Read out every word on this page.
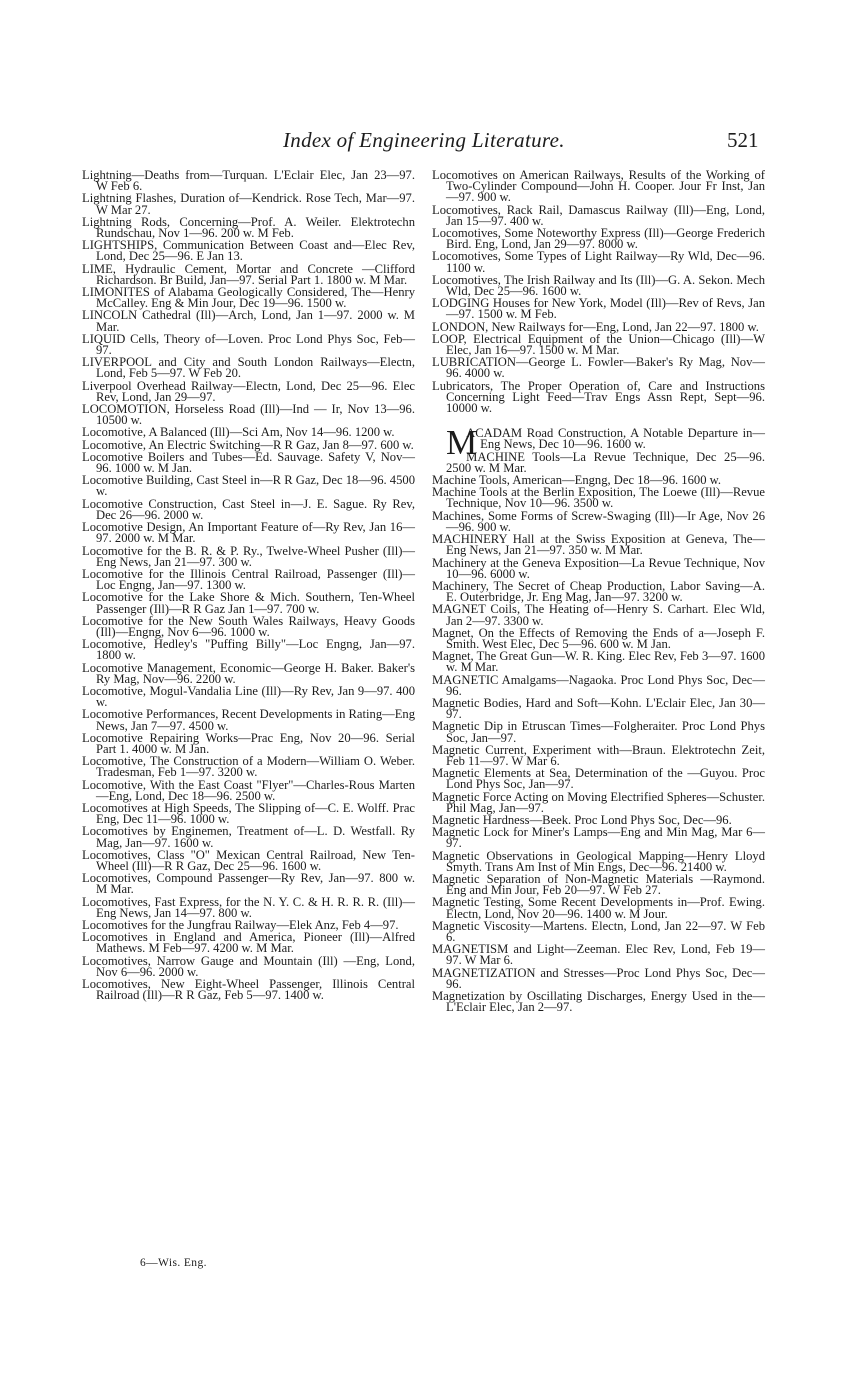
Index of Engineering Literature.	521
Lightning—Deaths from—Turquan. L'Eclair Elec, Jan 23—97. W Feb 6.
Lightning Flashes, Duration of—Kendrick. Rose Tech, Mar—97. W Mar 27.
Lightning Rods, Concerning—Prof. A. Weiler. Elektrotechn Rundschau, Nov 1—96. 200 w. M Feb.
LIGHTSHIPS, Communication Between Coast and—Elec Rev, Lond, Dec 25—96. E Jan 13.
LIME, Hydraulic Cement, Mortar and Concrete —Clifford Richardson. Br Build, Jan—97. Serial Part 1. 1800 w. M Mar.
LIMONITES of Alabama Geologically Considered, The—Henry McCalley. Eng & Min Jour, Dec 19—96. 1500 w.
LINCOLN Cathedral (Ill)—Arch, Lond, Jan 1—97. 2000 w. M Mar.
LIQUID Cells, Theory of—Loven. Proc Lond Phys Soc, Feb—97.
LIVERPOOL and City and South London Railways—Electn, Lond, Feb 5—97. W Feb 20.
Liverpool Overhead Railway—Electn, Lond, Dec 25—96. Elec Rev, Lond, Jan 29—97.
LOCOMOTION, Horseless Road (Ill)—Ind — Ir, Nov 13—96. 10500 w.
Locomotive, A Balanced (Ill)—Sci Am, Nov 14—96. 1200 w.
Locomotive, An Electric Switching—R R Gaz, Jan 8—97. 600 w.
Locomotive Boilers and Tubes—Ed. Sauvage. Safety V, Nov—96. 1000 w. M Jan.
Locomotive Building, Cast Steel in—R R Gaz, Dec 18—96. 4500 w.
Locomotive Construction, Cast Steel in—J. E. Sague. Ry Rev, Dec 26—96. 2000 w.
Locomotive Design, An Important Feature of—Ry Rev, Jan 16—97. 2000 w. M Mar.
Locomotive for the B. R. & P. Ry., Twelve-Wheel Pusher (Ill)—Eng News, Jan 21—97. 300 w.
Locomotive for the Illinois Central Railroad, Passenger (Ill)—Loc Engng, Jan—97. 1300 w.
Locomotive for the Lake Shore & Mich. Southern, Ten-Wheel Passenger (Ill)—R R Gaz Jan 1—97. 700 w.
Locomotive for the New South Wales Railways, Heavy Goods (Ill)—Engng, Nov 6—96. 1000 w.
Locomotive, Hedley's "Puffing Billy"—Loc Engng, Jan—97. 1800 w.
Locomotive Management, Economic—George H. Baker. Baker's Ry Mag, Nov—96. 2200 w.
Locomotive, Mogul-Vandalia Line (Ill)—Ry Rev, Jan 9—97. 400 w.
Locomotive Performances, Recent Developments in Rating—Eng News, Jan 7—97. 4500 w.
Locomotive Repairing Works—Prac Eng, Nov 20—96. Serial Part 1. 4000 w. M Jan.
Locomotive, The Construction of a Modern—William O. Weber. Tradesman, Feb 1—97. 3200 w.
Locomotive, With the East Coast "Flyer"—Charles-Rous Marten—Eng, Lond, Dec 18—96. 2500 w.
Locomotives at High Speeds, The Slipping of—C. E. Wolff. Prac Eng, Dec 11—96. 1000 w.
Locomotives by Enginemen, Treatment of—L. D. Westfall. Ry Mag, Jan—97. 1600 w.
Locomotives, Class "O" Mexican Central Railroad, New Ten-Wheel (Ill)—R R Gaz, Dec 25—96. 1600 w.
Locomotives, Compound Passenger—Ry Rev, Jan—97. 800 w. M Mar.
Locomotives, Fast Express, for the N. Y. C. & H. R. R. R. (Ill)—Eng News, Jan 14—97. 800 w.
Locomotives for the Jungfrau Railway—Elek Anz, Feb 4—97.
Locomotives in England and America, Pioneer (Ill)—Alfred Mathews. M Feb—97. 4200 w. M Mar.
Locomotives, Narrow Gauge and Mountain (Ill) —Eng, Lond, Nov 6—96. 2000 w.
Locomotives, New Eight-Wheel Passenger, Illinois Central Railroad (Ill)—R R Gaz, Feb 5—97. 1400 w.
Locomotives on American Railways, Results of the Working of Two-Cylinder Compound—John H. Cooper. Jour Fr Inst, Jan—97. 900 w.
Locomotives, Rack Rail, Damascus Railway (Ill)—Eng, Lond, Jan 15—97. 400 w.
Locomotives, Some Noteworthy Express (Ill)—George Frederich Bird. Eng, Lond, Jan 29—97. 8000 w.
Locomotives, Some Types of Light Railway—Ry Wld, Dec—96. 1100 w.
Locomotives, The Irish Railway and Its (Ill)—G. A. Sekon. Mech Wld, Dec 25—96. 1600 w.
LODGING Houses for New York, Model (Ill)—Rev of Revs, Jan—97. 1500 w. M Feb.
LONDON, New Railways for—Eng, Lond, Jan 22—97. 1800 w.
LOOP, Electrical Equipment of the Union—Chicago (Ill)—W Elec, Jan 16—97. 1500 w. M Mar.
LUBRICATION—George L. Fowler—Baker's Ry Mag, Nov—96. 4000 w.
Lubricators, The Proper Operation of, Care and Instructions Concerning Light Feed—Trav Engs Assn Rept, Sept—96. 10000 w.
M
ACADAM Road Construction, A Notable Departure in—Eng News, Dec 10—96. 1600 w.
MACHINE Tools—La Revue Technique, Dec 25—96. 2500 w. M Mar.
Machine Tools, American—Engng, Dec 18—96. 1600 w.
Machine Tools at the Berlin Exposition, The Loewe (Ill)—Revue Technique, Nov 10—96. 3500 w.
Machines, Some Forms of Screw-Swaging (Ill)—Ir Age, Nov 26—96. 900 w.
MACHINERY Hall at the Swiss Exposition at Geneva, The—Eng News, Jan 21—97. 350 w. M Mar.
Machinery at the Geneva Exposition—La Revue Technique, Nov 10—96. 6000 w.
Machinery, The Secret of Cheap Production, Labor Saving—A. E. Outerbridge, Jr. Eng Mag, Jan—97. 3200 w.
MAGNET Coils, The Heating of—Henry S. Carhart. Elec Wld, Jan 2—97. 3300 w.
Magnet, On the Effects of Removing the Ends of a—Joseph F. Smith. West Elec, Dec 5—96. 600 w. M Jan.
Magnet, The Great Gun—W. R. King. Elec Rev, Feb 3—97. 1600 w. M Mar.
MAGNETIC Amalgams—Nagaoka. Proc Lond Phys Soc, Dec—96.
Magnetic Bodies, Hard and Soft—Kohn. L'Eclair Elec, Jan 30—97.
Magnetic Dip in Etruscan Times—Folgheraiter. Proc Lond Phys Soc, Jan—97.
Magnetic Current, Experiment with—Braun. Elektrotechn Zeit, Feb 11—97. W Mar 6.
Magnetic Elements at Sea, Determination of the —Guyou. Proc Lond Phys Soc, Jan—97.
Magnetic Force Acting on Moving Electrified Spheres—Schuster. Phil Mag, Jan—97.
Magnetic Hardness—Beek. Proc Lond Phys Soc, Dec—96.
Magnetic Lock for Miner's Lamps—Eng and Min Mag, Mar 6—97.
Magnetic Observations in Geological Mapping—Henry Lloyd Smyth. Trans Am Inst of Min Engs, Dec—96. 21400 w.
Magnetic Separation of Non-Magnetic Materials —Raymond. Eng and Min Jour, Feb 20—97. W Feb 27.
Magnetic Testing, Some Recent Developments in—Prof. Ewing. Electn, Lond, Nov 20—96. 1400 w. M Jour.
Magnetic Viscosity—Martens. Electn, Lond, Jan 22—97. W Feb 6.
MAGNETISM and Light—Zeeman. Elec Rev, Lond, Feb 19—97. W Mar 6.
MAGNETIZATION and Stresses—Proc Lond Phys Soc, Dec—96.
Magnetization by Oscillating Discharges, Energy Used in the—L'Eclair Elec, Jan 2—97.
6—Wis. Eng.
